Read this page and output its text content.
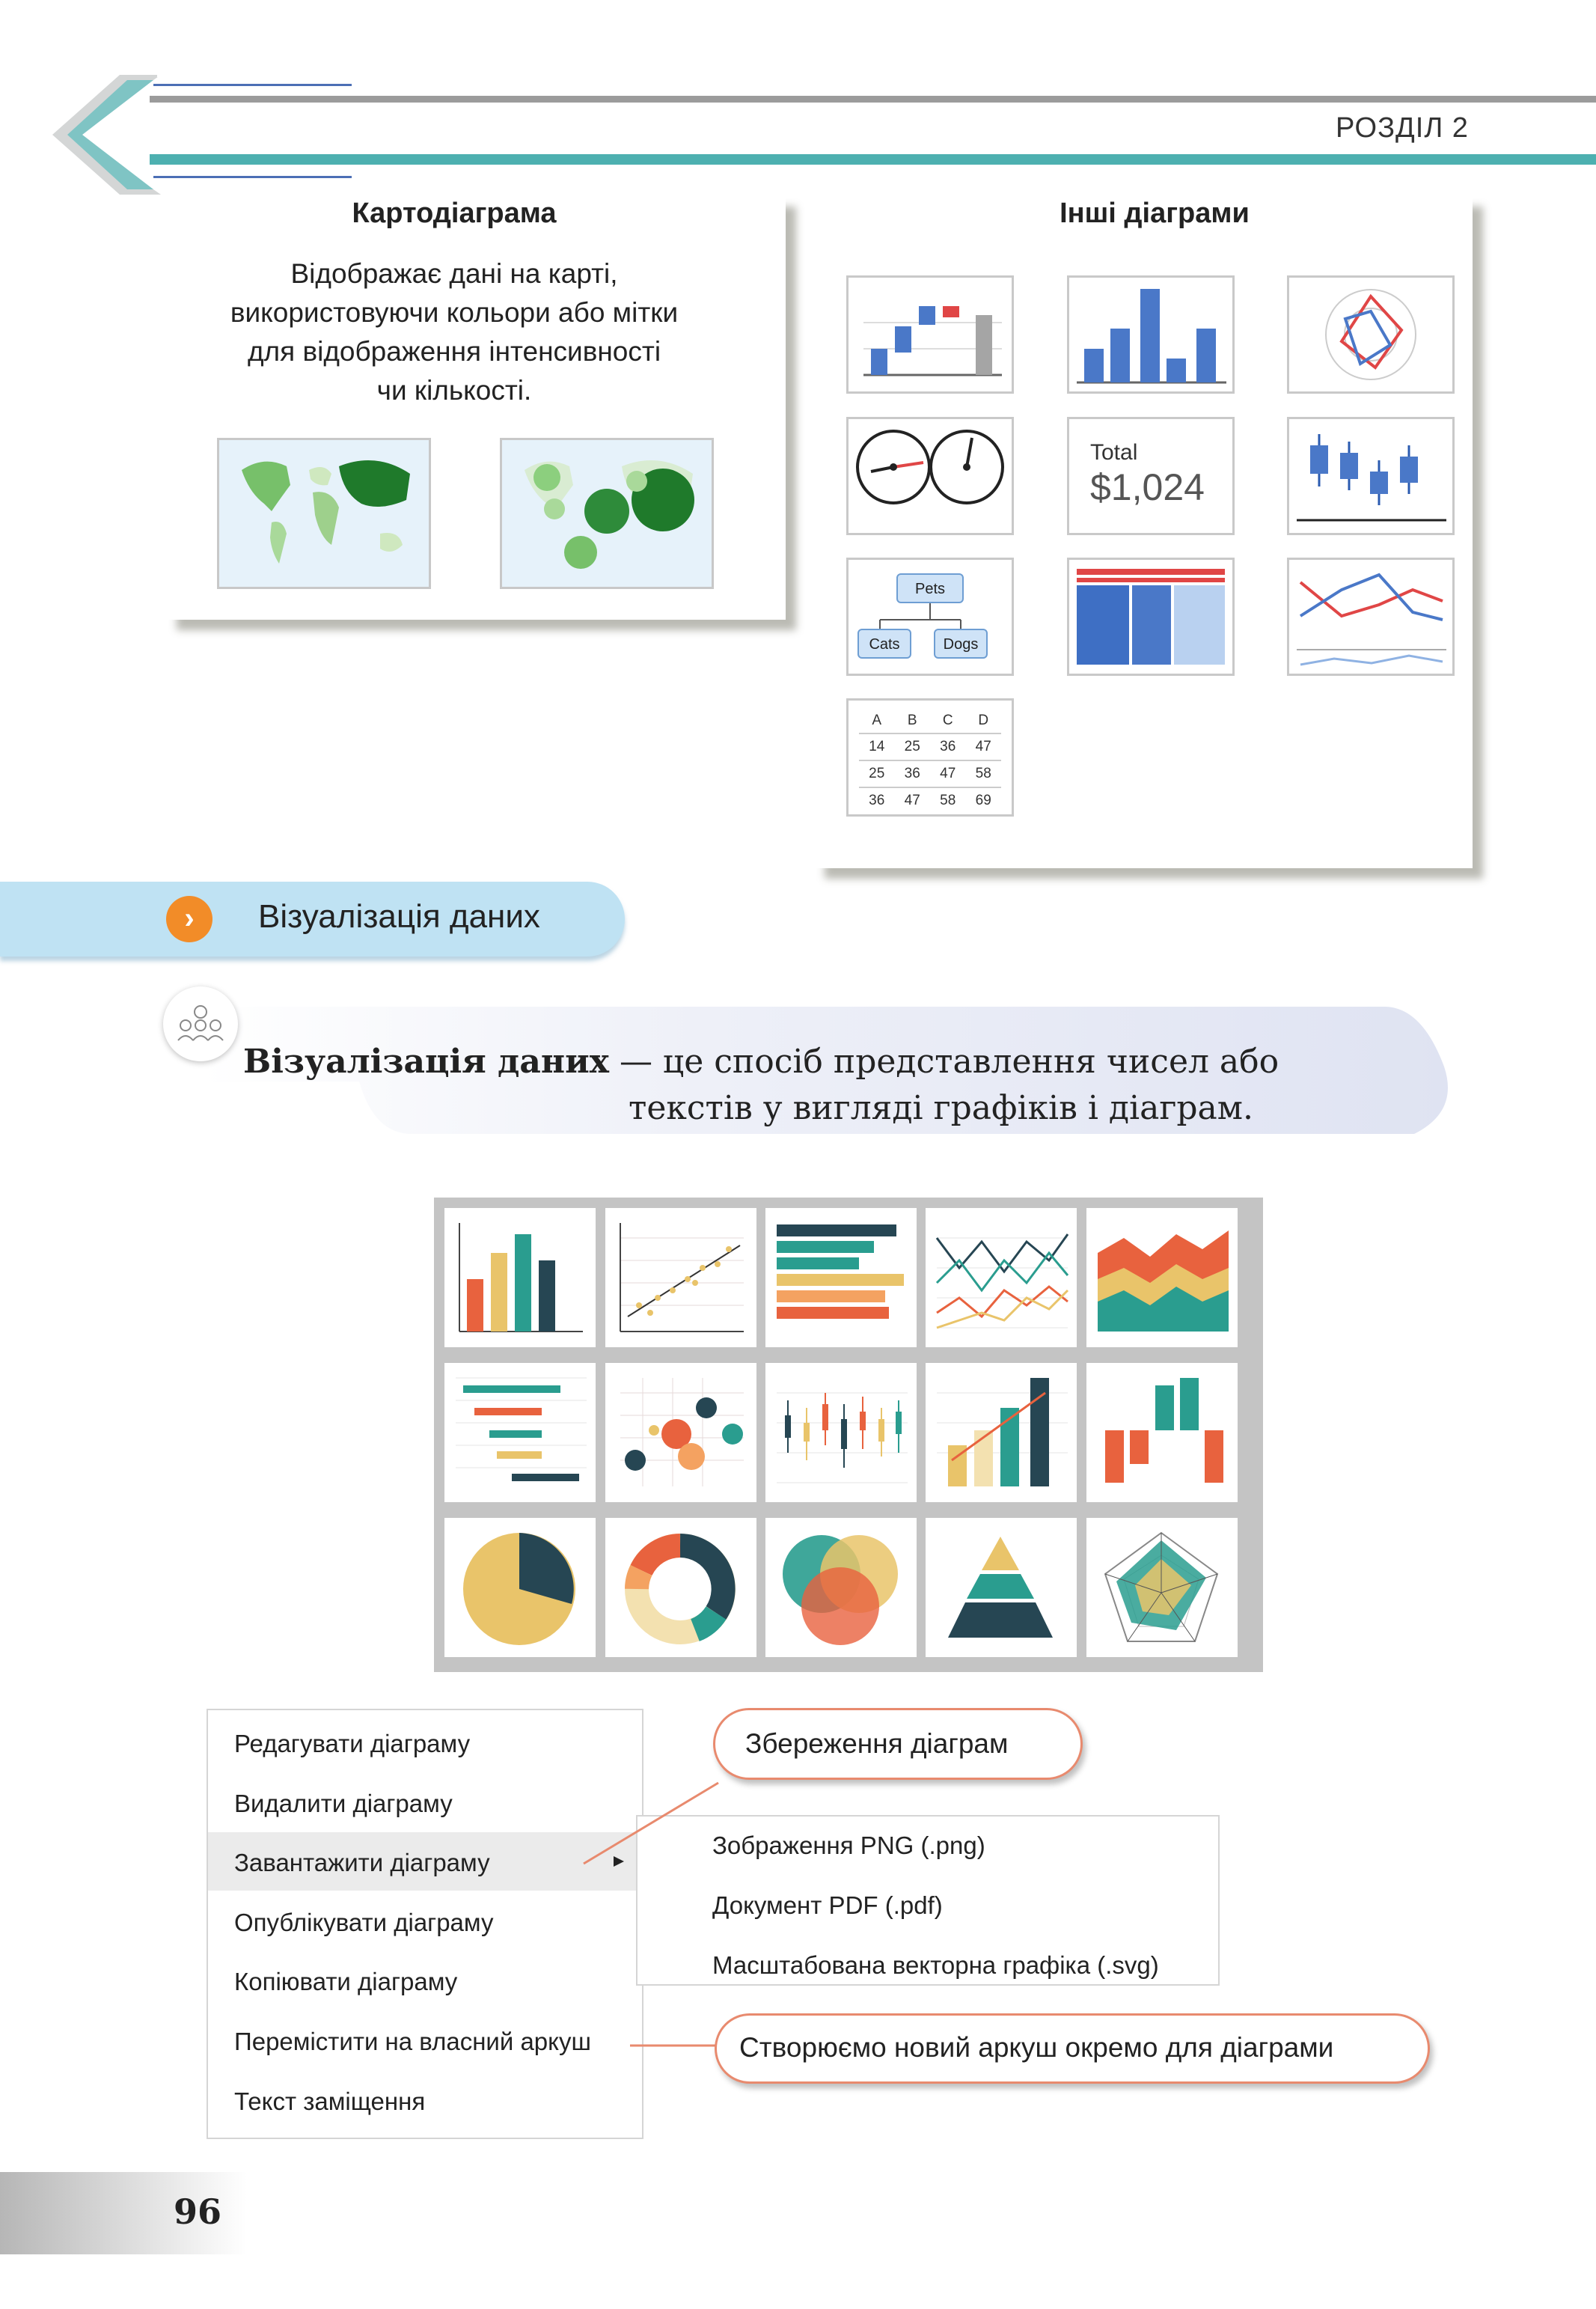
РОЗДІЛ 2
Картодіаграма
Відображає дані на карті,
використовуючи кольори або мітки
для відображення інтенсивності
чи кількості.
Інші діаграми
Total
$1,024
Pets
Cats	Dogs
A	B	C	D
14	25	36	47
25	36	47	58
36	47	58	69
›	Візуалізація даних
Візуалізація даних — це спосіб представлення чисел або
текстів у вигляді графіків і діаграм.
Редагувати діаграму
Видалити діаграму
Завантажити діаграму
Опублікувати діаграму
Копіювати діаграму
Перемістити на власний аркуш
Текст заміщення
Зображення PNG (.png)
Документ PDF (.pdf)
Масштабована векторна графіка (.svg)
Збереження діаграм
Створюємо новий аркуш окремо для діаграми
96
